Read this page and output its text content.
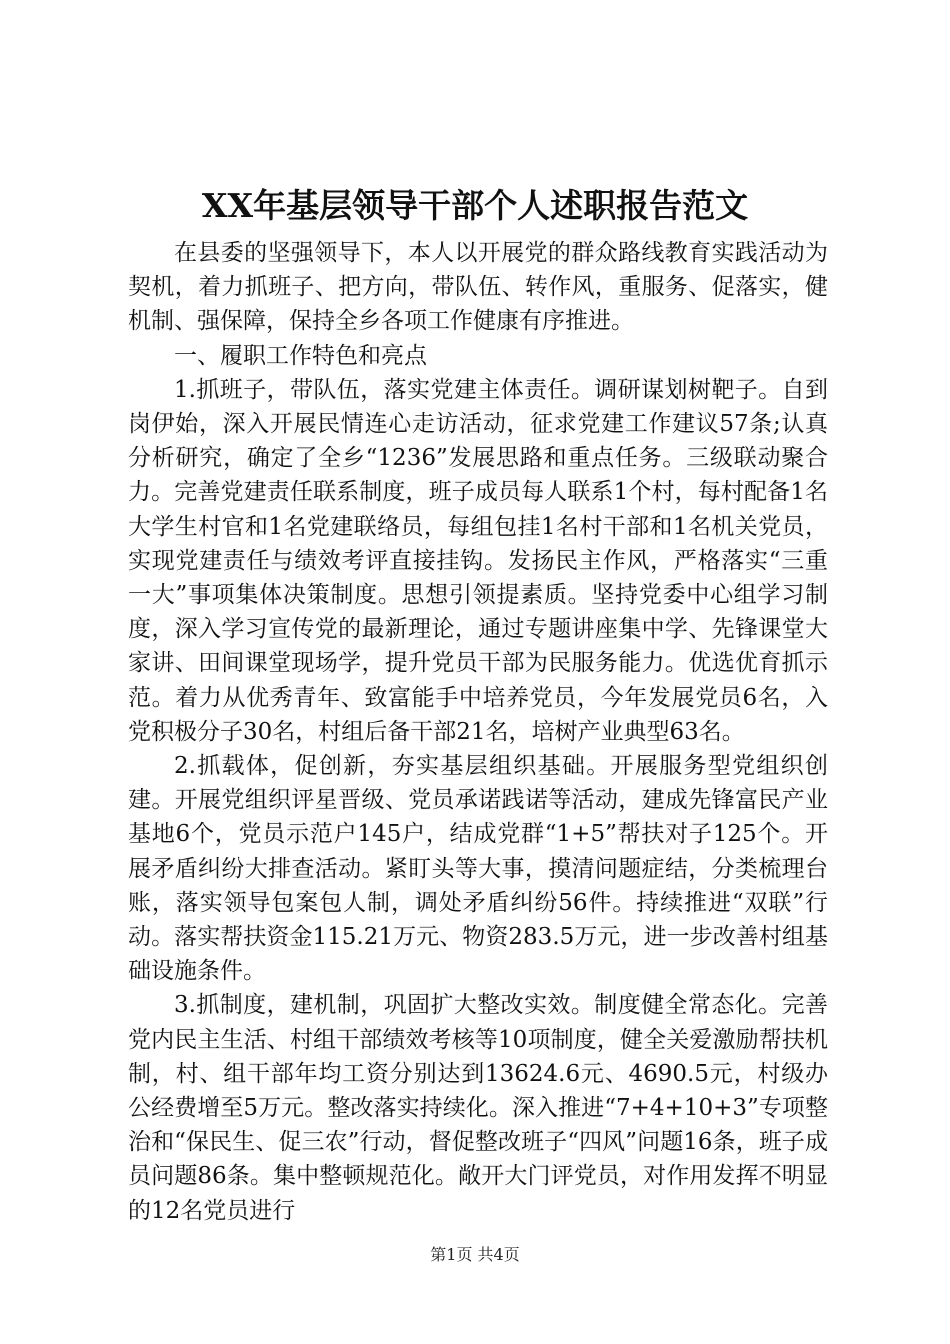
XX年基层领导干部个人述职报告范文

在县委的坚强领导下，本人以开展党的群众路线教育实践活动为契机，着力抓班子、把方向，带队伍、转作风，重服务、促落实，健机制、强保障，保持全乡各项工作健康有序推进。

一、履职工作特色和亮点

1.抓班子，带队伍，落实党建主体责任。调研谋划树靶子。自到岗伊始，深入开展民情连心走访活动，征求党建工作建议57条;认真分析研究，确定了全乡“1236”发展思路和重点任务。三级联动聚合力。完善党建责任联系制度，班子成员每人联系1个村，每村配备1名大学生村官和1名党建联络员，每组包挂1名村干部和1名机关党员，实现党建责任与绩效考评直接挂钩。发扬民主作风，严格落实“三重一大”事项集体决策制度。思想引领提素质。坚持党委中心组学习制度，深入学习宣传党的最新理论，通过专题讲座集中学、先锋课堂大家讲、田间课堂现场学，提升党员干部为民服务能力。优选优育抓示范。着力从优秀青年、致富能手中培养党员，今年发展党员6名，入党积极分子30名，村组后备干部21名，培树产业典型63名。

2.抓载体，促创新，夯实基层组织基础。开展服务型党组织创建。开展党组织评星晋级、党员承诺践诺等活动，建成先锋富民产业基地6个，党员示范户145户，结成党群“1+5”帮扶对子125个。开展矛盾纠纷大排查活动。紧盯头等大事，摸清问题症结，分类梳理台账，落实领导包案包人制，调处矛盾纠纷56件。持续推进“双联”行动。落实帮扶资金115.21万元、物资283.5万元，进一步改善村组基础设施条件。

3.抓制度，建机制，巩固扩大整改实效。制度健全常态化。完善党内民主生活、村组干部绩效考核等10项制度，健全关爱激励帮扶机制，村、组干部年均工资分别达到13624.6元、4690.5元，村级办公经费增至5万元。整改落实持续化。深入推进“7+4+10+3”专项整治和“保民生、促三农”行动，督促整改班子“四风”问题16条，班子成员问题86条。集中整顿规范化。敞开大门评党员，对作用发挥不明显的12名党员进行

第1页 共4页
